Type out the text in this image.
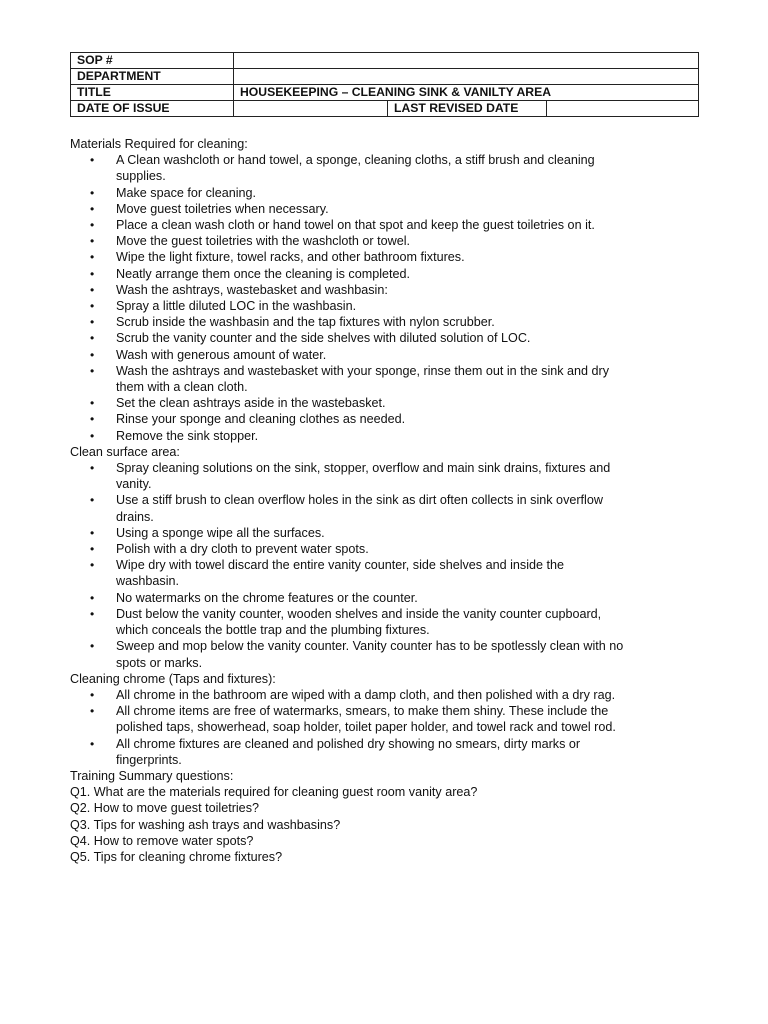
SOP #			
DEPARTMENT			
TITLE	HOUSEKEEPING – CLEANING SINK & VANILTY AREA		
DATE OF ISSUE		LAST REVISED DATE	
Materials Required for cleaning:
• A Clean washcloth or hand towel, a sponge, cleaning cloths, a stiff brush and cleaning supplies.
• Make space for cleaning.
• Move guest toiletries when necessary.
• Place a clean wash cloth or hand towel on that spot and keep the guest toiletries on it.
• Move the guest toiletries with the washcloth or towel.
• Wipe the light fixture, towel racks, and other bathroom fixtures.
• Neatly arrange them once the cleaning is completed.
• Wash the ashtrays, wastebasket and washbasin:
• Spray a little diluted LOC in the washbasin.
• Scrub inside the washbasin and the tap fixtures with nylon scrubber.
• Scrub the vanity counter and the side shelves with diluted solution of LOC.
• Wash with generous amount of water.
• Wash the ashtrays and wastebasket with your sponge, rinse them out in the sink and dry them with a clean cloth.
• Set the clean ashtrays aside in the wastebasket.
• Rinse your sponge and cleaning clothes as needed.
• Remove the sink stopper.
Clean surface area:
• Spray cleaning solutions on the sink, stopper, overflow and main sink drains, fixtures and vanity.
• Use a stiff brush to clean overflow holes in the sink as dirt often collects in sink overflow drains.
• Using a sponge wipe all the surfaces.
• Polish with a dry cloth to prevent water spots.
• Wipe dry with towel discard the entire vanity counter, side shelves and inside the washbasin.
• No watermarks on the chrome features or the counter.
• Dust below the vanity counter, wooden shelves and inside the vanity counter cupboard, which conceals the bottle trap and the plumbing fixtures.
• Sweep and mop below the vanity counter. Vanity counter has to be spotlessly clean with no spots or marks.
Cleaning chrome (Taps and fixtures):
• All chrome in the bathroom are wiped with a damp cloth, and then polished with a dry rag.
• All chrome items are free of watermarks, smears, to make them shiny. These include the polished taps, showerhead, soap holder, toilet paper holder, and towel rack and towel rod.
• All chrome fixtures are cleaned and polished dry showing no smears, dirty marks or fingerprints.
Training Summary questions:
Q1. What are the materials required for cleaning guest room vanity area?
Q2. How to move guest toiletries?
Q3. Tips for washing ash trays and washbasins?
Q4. How to remove water spots?
Q5. Tips for cleaning chrome fixtures?
